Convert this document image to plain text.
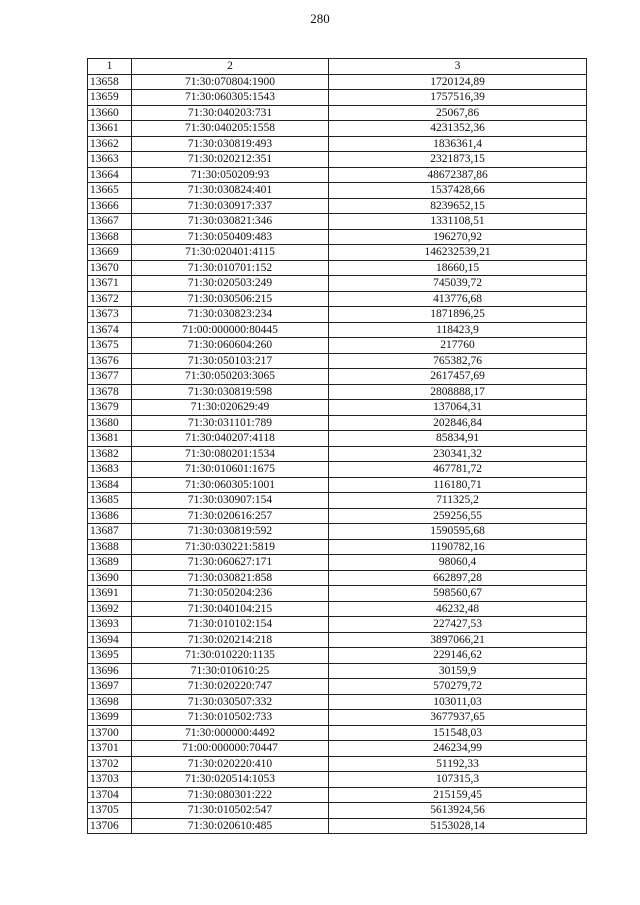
280
1	2	3
13658	71:30:070804:1900	1720124,89
13659	71:30:060305:1543	1757516,39
13660	71:30:040203:731	25067,86
13661	71:30:040205:1558	4231352,36
13662	71:30:030819:493	1836361,4
13663	71:30:020212:351	2321873,15
13664	71:30:050209:93	48672387,86
13665	71:30:030824:401	1537428,66
13666	71:30:030917:337	8239652,15
13667	71:30:030821:346	1331108,51
13668	71:30:050409:483	196270,92
13669	71:30:020401:4115	146232539,21
13670	71:30:010701:152	18660,15
13671	71:30:020503:249	745039,72
13672	71:30:030506:215	413776,68
13673	71:30:030823:234	1871896,25
13674	71:00:000000:80445	118423,9
13675	71:30:060604:260	217760
13676	71:30:050103:217	765382,76
13677	71:30:050203:3065	2617457,69
13678	71:30:030819:598	2808888,17
13679	71:30:020629:49	137064,31
13680	71:30:031101:789	202846,84
13681	71:30:040207:4118	85834,91
13682	71:30:080201:1534	230341,32
13683	71:30:010601:1675	467781,72
13684	71:30:060305:1001	116180,71
13685	71:30:030907:154	711325,2
13686	71:30:020616:257	259256,55
13687	71:30:030819:592	1590595,68
13688	71:30:030221:5819	1190782,16
13689	71:30:060627:171	98060,4
13690	71:30:030821:858	662897,28
13691	71:30:050204:236	598560,67
13692	71:30:040104:215	46232,48
13693	71:30:010102:154	227427,53
13694	71:30:020214:218	3897066,21
13695	71:30:010220:1135	229146,62
13696	71:30:010610:25	30159,9
13697	71:30:020220:747	570279,72
13698	71:30:030507:332	103011,03
13699	71:30:010502:733	3677937,65
13700	71:30:000000:4492	151548,03
13701	71:00:000000:70447	246234,99
13702	71:30:020220:410	51192,33
13703	71:30:020514:1053	107315,3
13704	71:30:080301:222	215159,45
13705	71:30:010502:547	5613924,56
13706	71:30:020610:485	5153028,14
